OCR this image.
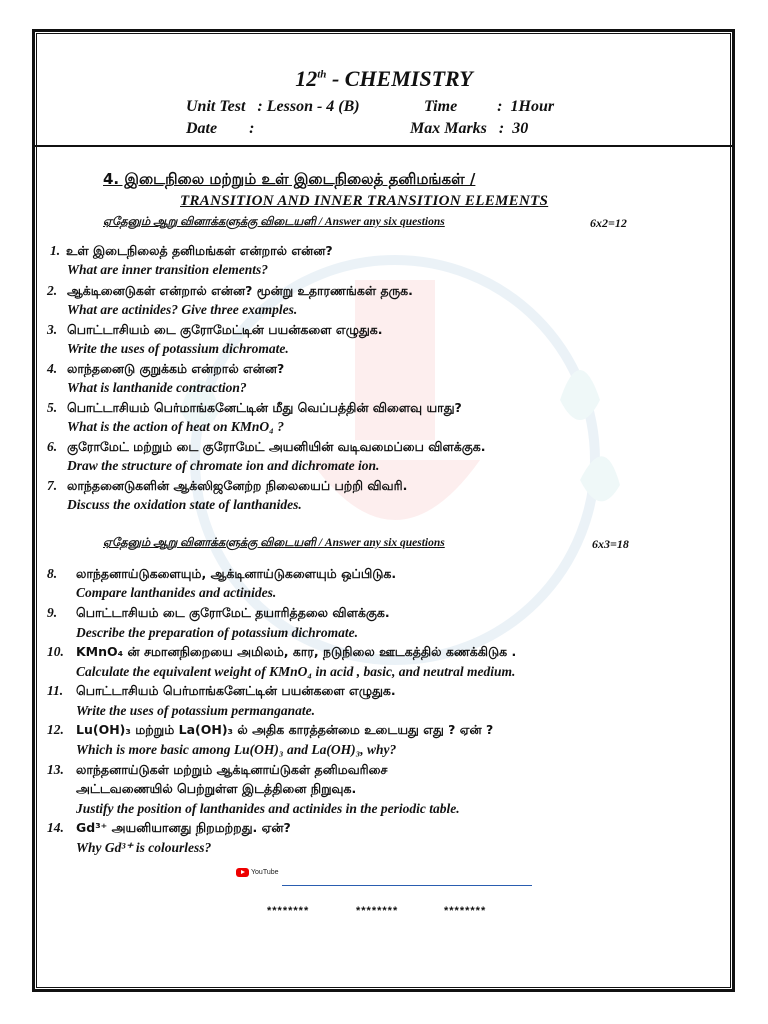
12th - CHEMISTRY
Unit Test   : Lesson - 4 (B)	Time          :  1Hour
Date        :	Max Marks   :  30
4. இடைநிலை மற்றும் உள் இடைநிலைத் தனிமங்கள் /
TRANSITION AND INNER TRANSITION ELEMENTS
ஏதேனும் ஆறு வினாக்களுக்கு விடையளி / Answer any six questions	6x2=12
1. உள் இடைநிலைத் தனிமங்கள் என்றால் என்ன?
What are inner transition elements?
2. ஆக்டினைடுகள் என்றால் என்ன? மூன்று உதாரணங்கள் தருக.
What are actinides? Give three examples.
3. பொட்டாசியம் டை குரோமேட்டின் பயன்களை எழுதுக.
Write the uses of potassium dichromate.
4. லாந்தனைடு குறுக்கம் என்றால் என்ன?
What is lanthanide contraction?
5. பொட்டாசியம் பெர்மாங்கனேட்டின் மீது வெப்பத்தின் விளைவு யாது?
What is the action of heat on KMnO₄ ?
6. குரோமேட் மற்றும் டை குரோமேட் அயனியின் வடிவமைப்பை விளக்குக.
Draw the structure of chromate ion and dichromate ion.
7. லாந்தனைடுகளின் ஆக்ஸிஜனேற்ற நிலையைப் பற்றி விவரி.
Discuss the oxidation state of lanthanides.
ஏதேனும் ஆறு வினாக்களுக்கு விடையளி / Answer any six questions	6x3=18
8. லாந்தனாய்டுகளையும், ஆக்டினாய்டுகளையும் ஒப்பிடுக.
Compare lanthanides and actinides.
9. பொட்டாசியம் டை குரோமேட் தயாரித்தலை விளக்குக.
Describe the preparation of potassium dichromate.
10. KMnO₄ ன் சமானநிறையை அமிலம், கார, நடுநிலை ஊடகத்தில் கணக்கிடுக .
Calculate the equivalent weight of KMnO₄ in acid , basic, and neutral medium.
11. பொட்டாசியம் பெர்மாங்கனேட்டின் பயன்களை எழுதுக.
Write the uses of potassium permanganate.
12. Lu(OH)₃ மற்றும் La(OH)₃ ல் அதிக காரத்தன்மை உடையது எது ? ஏன் ?
Which is more basic among Lu(OH)₃ and La(OH)₃, why?
13. லாந்தனாய்டுகள் மற்றும் ஆக்டினாய்டுகள் தனிமவரிசை
அட்டவணையில் பெற்றுள்ள இடத்தினை நிறுவுக.
Justify the position of lanthanides and actinides in the periodic table.
14. Gd³⁺ அயனியானது நிறமற்றது. ஏன்?
Why Gd³⁺ is colourless?
YouTube
********	********	********
